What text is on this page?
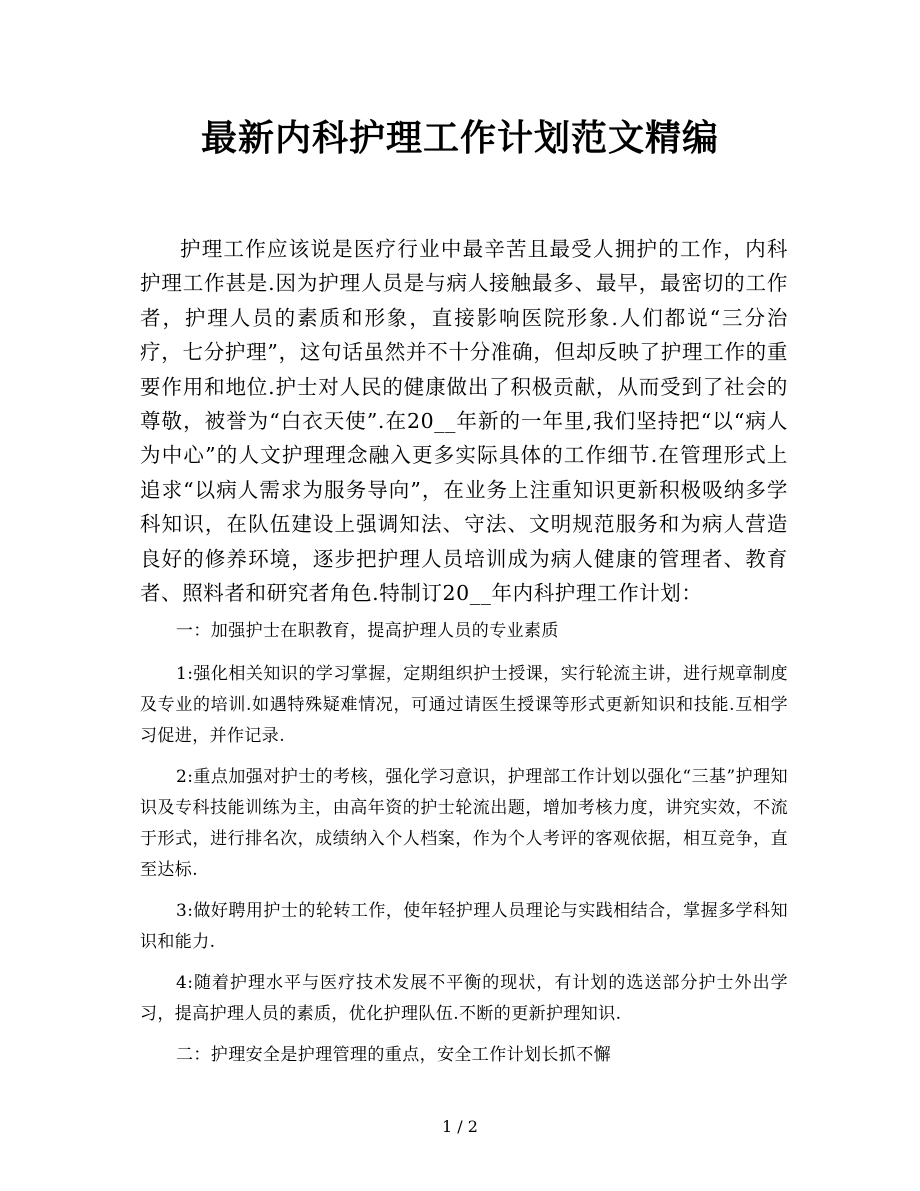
最新内科护理工作计划范文精编

护理工作应该说是医疗行业中最辛苦且最受人拥护的工作，内科护理工作甚是.因为护理人员是与病人接触最多、最早，最密切的工作者，护理人员的素质和形象，直接影响医院形象.人们都说“三分治疗，七分护理”，这句话虽然并不十分准确，但却反映了护理工作的重要作用和地位.护士对人民的健康做出了积极贡献，从而受到了社会的尊敬，被誉为“白衣天使”.在20__年新的一年里,我们坚持把“以“病人为中心”的人文护理理念融入更多实际具体的工作细节.在管理形式上追求“以病人需求为服务导向”，在业务上注重知识更新积极吸纳多学科知识，在队伍建设上强调知法、守法、文明规范服务和为病人营造良好的修养环境，逐步把护理人员培训成为病人健康的管理者、教育者、照料者和研究者角色.特制订20__年内科护理工作计划：

一：加强护士在职教育，提高护理人员的专业素质

1:强化相关知识的学习掌握，定期组织护士授课，实行轮流主讲，进行规章制度及专业的培训.如遇特殊疑难情况，可通过请医生授课等形式更新知识和技能.互相学习促进，并作记录.

2:重点加强对护士的考核，强化学习意识，护理部工作计划以强化“三基”护理知识及专科技能训练为主，由高年资的护士轮流出题，增加考核力度，讲究实效，不流于形式，进行排名次，成绩纳入个人档案，作为个人考评的客观依据，相互竞争，直至达标.

3:做好聘用护士的轮转工作，使年轻护理人员理论与实践相结合，掌握多学科知识和能力.

4:随着护理水平与医疗技术发展不平衡的现状，有计划的选送部分护士外出学习，提高护理人员的素质，优化护理队伍.不断的更新护理知识.

二：护理安全是护理管理的重点，安全工作计划长抓不懈

1 / 2
